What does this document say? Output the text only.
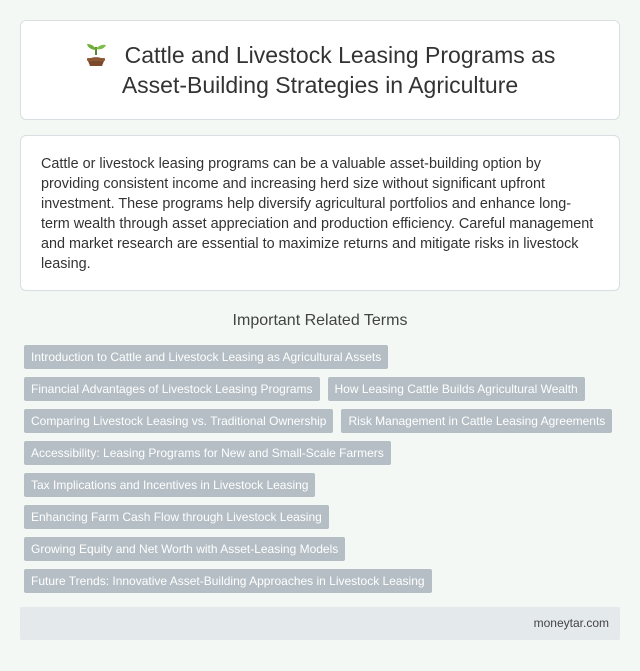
Cattle and Livestock Leasing Programs as Asset-Building Strategies in Agriculture

Cattle or livestock leasing programs can be a valuable asset-building option by providing consistent income and increasing herd size without significant upfront investment. These programs help diversify agricultural portfolios and enhance long-term wealth through asset appreciation and production efficiency. Careful management and market research are essential to maximize returns and mitigate risks in livestock leasing.

Important Related Terms
Introduction to Cattle and Livestock Leasing as Agricultural Assets
Financial Advantages of Livestock Leasing Programs	How Leasing Cattle Builds Agricultural Wealth
Comparing Livestock Leasing vs. Traditional Ownership	Risk Management in Cattle Leasing Agreements
Accessibility: Leasing Programs for New and Small-Scale Farmers
Tax Implications and Incentives in Livestock Leasing
Enhancing Farm Cash Flow through Livestock Leasing
Growing Equity and Net Worth with Asset-Leasing Models
Future Trends: Innovative Asset-Building Approaches in Livestock Leasing
moneytar.com
